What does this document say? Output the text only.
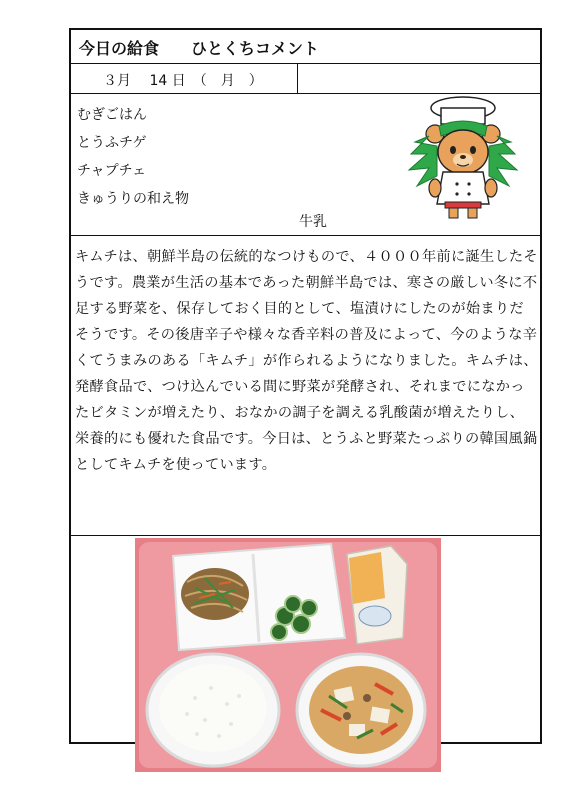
今日の給食　　ひとくちコメント
３月　 14 日　（　月　）
むぎごはん
とうふチゲ
チャプチェ
きゅうりの和え物
牛乳
キムチは、朝鮮半島の伝統的なつけもので、４０００年前に誕生したそうです。農業が生活の基本であった朝鮮半島では、寒さの厳しい冬に不足する野菜を、保存しておく目的として、塩漬けにしたのが始まりだそうです。その後唐辛子や様々な香辛料の普及によって、今のような辛くてうまみのある「キムチ」が作られるようになりました。キムチは、発酵食品で、つけ込んでいる間に野菜が発酵され、それまでになかったビタミンが増えたり、おなかの調子を調える乳酸菌が増えたりし、栄養的にも優れた食品です。今日は、とうふと野菜たっぷりの韓国風鍋としてキムチを使っています。
